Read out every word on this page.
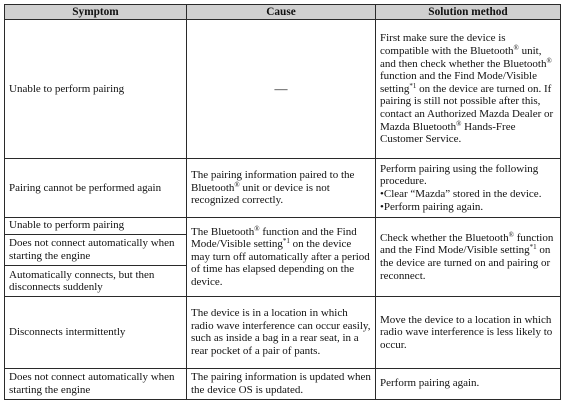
Symptom	Cause	Solution method
Unable to perform pairing	—	First make sure the device is compatible with the Bluetooth® unit, and then check whether the Bluetooth® function and the Find Mode/Visible setting$^{*1}$ on the device are turned on. If pairing is still not possible after this, contact an Authorized Mazda Dealer or Mazda Bluetooth® Hands-Free Customer Service.
Pairing cannot be performed again	The pairing information paired to the Bluetooth® unit or device is not recognized correctly.	Perform pairing using the following procedure.
•Clear “Mazda” stored in the device.
•Perform pairing again.

Unable to perform pairing	The Bluetooth® function and the Find Mode/Visible setting$^{*1}$ on the device may turn off automatically after a period of time has elapsed depending on the device.	Check whether the Bluetooth® function and the Find Mode/Visible setting$^{*1}$ on the device are turned on and pairing or reconnect.
Does not connect automatically when starting the engine		
Automatically connects, but then disconnects suddenly		
Disconnects intermittently	The device is in a location in which radio wave interference can occur easily, such as inside a bag in a rear seat, in a rear pocket of a pair of pants.	Move the device to a location in which radio wave interference is less likely to occur.
Does not connect automatically when starting the engine	The pairing information is updated when the device OS is updated.	Perform pairing again.
